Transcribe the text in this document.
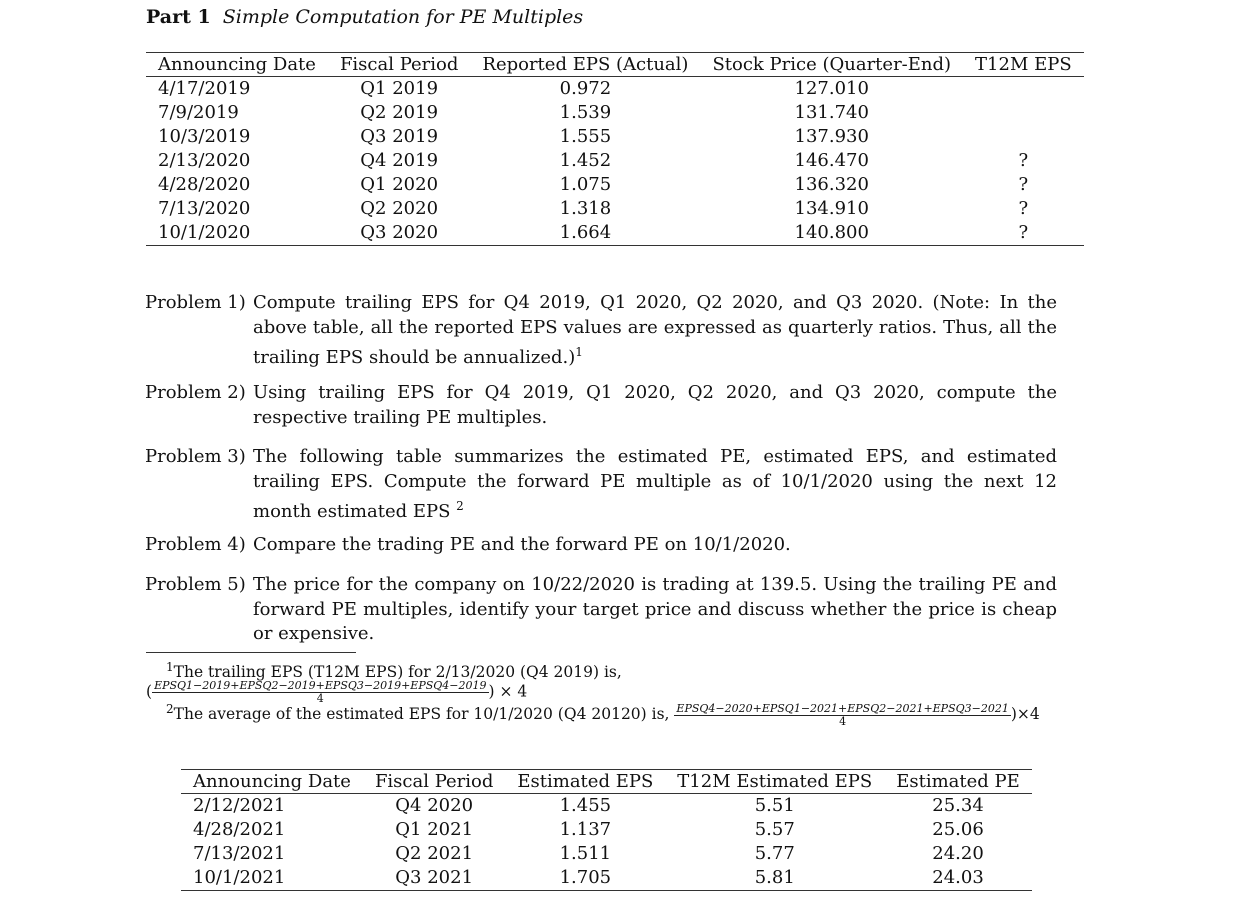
Part 1 Simple Computation for PE Multiples
Announcing Date	Fiscal Period	Reported EPS (Actual)	Stock Price (Quarter-End)	T12M EPS
4/17/2019	Q1 2019	0.972	127.010	
7/9/2019	Q2 2019	1.539	131.740	
10/3/2019	Q3 2019	1.555	137.930	
2/13/2020	Q4 2019	1.452	146.470	?
4/28/2020	Q1 2020	1.075	136.320	?
7/13/2020	Q2 2020	1.318	134.910	?
10/1/2020	Q3 2020	1.664	140.800	?
Problem 1) Compute trailing EPS for Q4 2019, Q1 2020, Q2 2020, and Q3 2020. (Note: In the above table, all the reported EPS values are expressed as quarterly ratios. Thus, all the trailing EPS should be annualized.)$^1$
Problem 2) Using trailing EPS for Q4 2019, Q1 2020, Q2 2020, and Q3 2020, compute the respective trailing PE multiples.
Problem 3) The following table summarizes the estimated PE, estimated EPS, and estimated trailing EPS. Compute the forward PE multiple as of 10/1/2020 using the next 12 month estimated EPS $^2$
Problem 4) Compare the trading PE and the forward PE on 10/1/2020.
Problem 5) The price for the company on 10/22/2020 is trading at 139.5. Using the trailing PE and forward PE multiples, identify your target price and discuss whether the price is cheap or expensive.
$^1$The trailing EPS (T12M EPS) for 2/13/2020 (Q4 2019) is,
( $\frac{\text{EPSQ1−2019+EPSQ2−2019+EPSQ3−2019+EPSQ4−2019}}{4}$ ) × 4
$^2$The average of the estimated EPS for 10/1/2020 (Q4 20120) is, $\frac{\text{EPSQ4−2020+EPSQ1−2021+EPSQ2−2021+EPSQ3−2021}}{4} )\times 4$
Announcing Date	Fiscal Period	Estimated EPS	T12M Estimated EPS	Estimated PE
2/12/2021	Q4 2020	1.455	5.51	25.34
4/28/2021	Q1 2021	1.137	5.57	25.06
7/13/2021	Q2 2021	1.511	5.77	24.20
10/1/2021	Q3 2021	1.705	5.81	24.03
